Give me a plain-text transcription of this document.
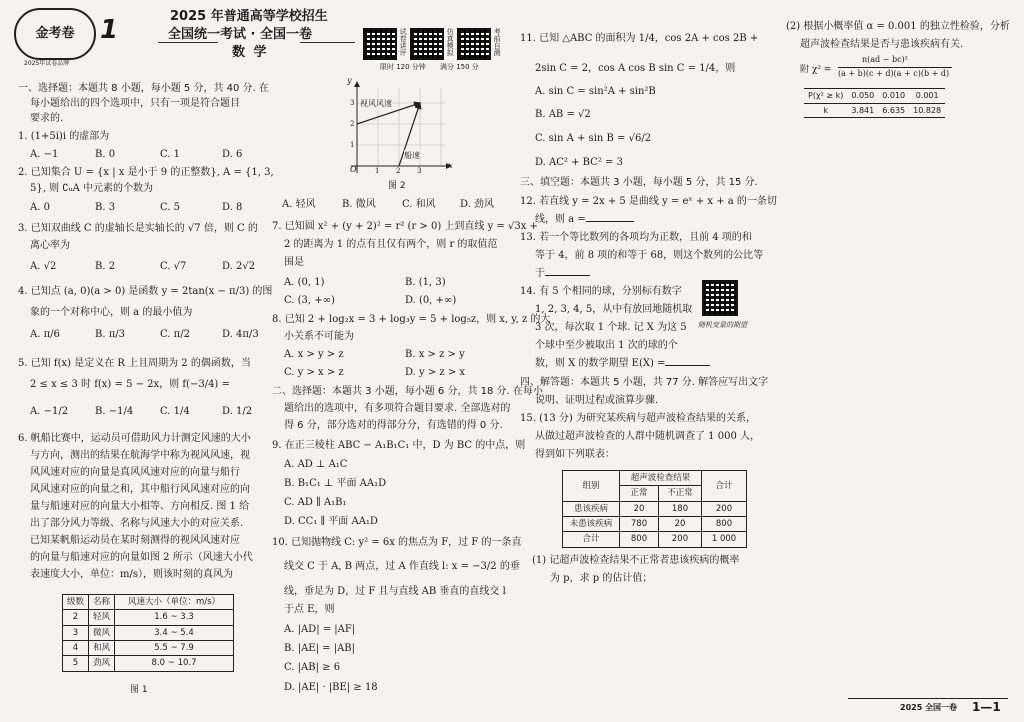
金考卷
2025年试卷品牌
1	2025 年普通高等学校招生
全国统一考试 · 全国一卷
数 学	试卷讲评	仿真模拟	考前自测
限时 120 分钟 满分 150 分
一、选择题：本题共 8 小题，每小题 5 分，共 40 分. 在
每小题给出的四个选项中，只有一项是符合题目
要求的.
1. (1+5i)i 的虚部为
A. −1	B. 0	C. 1	D. 6
2. 已知集合 U = {x | x 是小于 9 的正整数}, A = {1, 3,
5}, 则 ∁ᵤA 中元素的个数为
A. 0	B. 3	C. 5	D. 8
3. 已知双曲线 C 的虚轴长是实轴长的 √7 倍，则 C 的
离心率为
A. √2	B. 2	C. √7	D. 2√2
4. 已知点 (a, 0)(a > 0) 是函数 y = 2tan(x − π/3) 的图
象的一个对称中心，则 a 的最小值为
A. π/6	B. π/3	C. π/2	D. 4π/3
5. 已知 f(x) 是定义在 R 上且周期为 2 的偶函数，当
2 ≤ x ≤ 3 时 f(x) = 5 − 2x，则 f(−3/4) =
A. −1/2	B. −1/4	C. 1/4	D. 1/2
6. 帆船比赛中，运动员可借助风力计测定风速的大小
与方向，测出的结果在航海学中称为视风风速，视
风风速对应的向量是真风风速对应的向量与船行
风风速对应的向量之和，其中船行风风速对应的向
量与船速对应的向量大小相等、方向相反. 图 1 给
出了部分风力等级、名称与风速大小的对应关系.
已知某帆船运动员在某时刻测得的视风风速对应
的向量与船速对应的向量如图 2 所示（风速大小代
表速度大小，单位：m/s），则该时刻的真风为
级数	名称	风速大小（单位：m/s）
2	轻风	1.6 ~ 3.3
3	微风	3.4 ~ 5.4
4	和风	5.5 ~ 7.9
5	劲风	8.0 ~ 10.7
图 1
y
x
O	1 2 3
1
2
3 视风风速
船速
图 2
A. 轻风	B. 微风	C. 和风 D. 劲风
7. 已知圆 x² + (y + 2)² = r² (r > 0) 上到直线 y = √3x +
2 的距离为 1 的点有且仅有两个，则 r 的取值范
围是
A. (0, 1)	B. (1, 3)
C. (3, +∞)	D. (0, +∞)
8. 已知 2 + log₂x = 3 + log₃y = 5 + log₅z，则 x, y, z 的大
小关系不可能为
A. x > y > z	B. x > z > y
C. y > x > z	D. y > z > x
二、选择题：本题共 3 小题，每小题 6 分，共 18 分. 在每小
题给出的选项中，有多项符合题目要求. 全部选对的
得 6 分，部分选对的得部分分，有选错的得 0 分.
9. 在正三棱柱 ABC − A₁B₁C₁ 中，D 为 BC 的中点，则
A. AD ⊥ A₁C
B. B₁C₁ ⊥ 平面 AA₁D
C. AD ∥ A₁B₁
D. CC₁ ∥ 平面 AA₁D
10. 已知抛物线 C: y² = 6x 的焦点为 F，过 F 的一条直
线交 C 于 A, B 两点，过 A 作直线 l: x = −3/2 的垂
线，垂足为 D，过 F 且与直线 AB 垂直的直线交 l
于点 E，则
A. |AD| = |AF|
B. |AE| = |AB|
C. |AB| ≥ 6
D. |AE| · |BE| ≥ 18
11. 已知 △ABC 的面积为 1/4，cos 2A + cos 2B +
2sin C = 2，cos A cos B sin C = 1/4，则
A. sin C = sin²A + sin²B
B. AB = √2
C. sin A + sin B = √6/2
D. AC² + BC² = 3
三、填空题：本题共 3 小题，每小题 5 分，共 15 分.
12. 若直线 y = 2x + 5 是曲线 y = eˣ + x + a 的一条切
线，则 a =
13. 若一个等比数列的各项均为正数，且前 4 项的和
等于 4，前 8 项的和等于 68，则这个数列的公比等
于
14. 有 5 个相同的球，分别标有数字
1, 2, 3, 4, 5，从中有放回地随机取
3 次，每次取 1 个球. 记 X 为这 5
个球中至少被取出 1 次的球的个
数，则 X 的数学期望 E(X) =
随机变量的期望
四、解答题：本题共 5 小题，共 77 分. 解答应写出文字
说明、证明过程或演算步骤.
15. (13 分) 为研究某疾病与超声波检查结果的关系，
从做过超声波检查的人群中随机调查了 1 000 人，
得到如下列联表：
组别	超声波检查结果		合计
	正常	不正常	
患该疾病	20	180	200
未患该疾病	780	20	800
合计	800	200	1 000
(1) 记超声波检查结果不正常者患该疾病的概率
为 p，求 p 的估计值；
(2) 根据小概率值 α = 0.001 的独立性检验，分析
超声波检查结果是否与患该疾病有关.
附 χ² =
n(ad − bc)²
(a + b)(c + d)(a + c)(b + d)
P(χ² ≥ k)	0.050	0.010	0.001
k	3.841	6.635	10.828
2025 全国一卷 1—1
